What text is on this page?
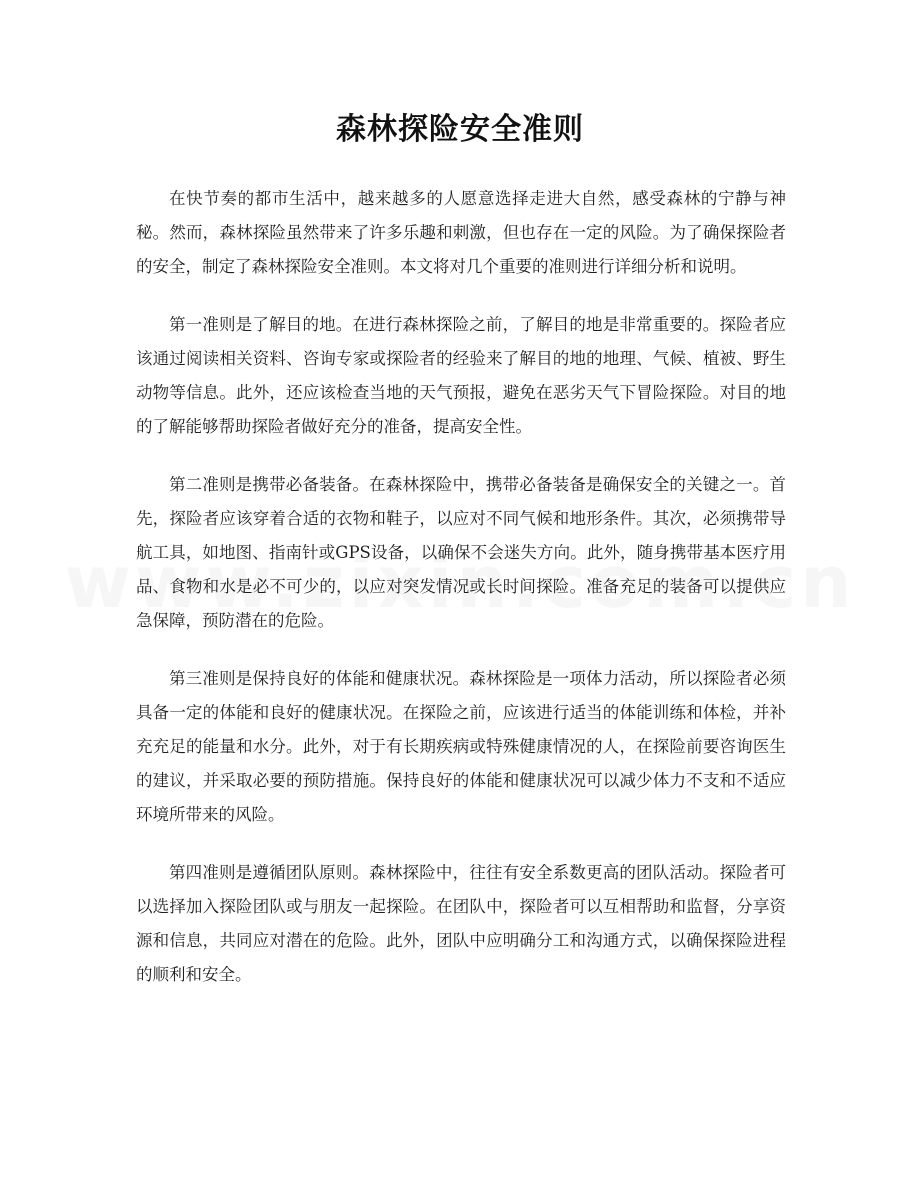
森林探险安全准则

在快节奏的都市生活中，越来越多的人愿意选择走进大自然，感受森林的宁静与神秘。然而，森林探险虽然带来了许多乐趣和刺激，但也存在一定的风险。为了确保探险者的安全，制定了森林探险安全准则。本文将对几个重要的准则进行详细分析和说明。

第一准则是了解目的地。在进行森林探险之前，了解目的地是非常重要的。探险者应该通过阅读相关资料、咨询专家或探险者的经验来了解目的地的地理、气候、植被、野生动物等信息。此外，还应该检查当地的天气预报，避免在恶劣天气下冒险探险。对目的地的了解能够帮助探险者做好充分的准备，提高安全性。

第二准则是携带必备装备。在森林探险中，携带必备装备是确保安全的关键之一。首先，探险者应该穿着合适的衣物和鞋子，以应对不同气候和地形条件。其次，必须携带导航工具，如地图、指南针或GPS设备，以确保不会迷失方向。此外，随身携带基本医疗用品、食物和水是必不可少的，以应对突发情况或长时间探险。准备充足的装备可以提供应急保障，预防潜在的危险。

第三准则是保持良好的体能和健康状况。森林探险是一项体力活动，所以探险者必须具备一定的体能和良好的健康状况。在探险之前，应该进行适当的体能训练和体检，并补充充足的能量和水分。此外，对于有长期疾病或特殊健康情况的人，在探险前要咨询医生的建议，并采取必要的预防措施。保持良好的体能和健康状况可以减少体力不支和不适应环境所带来的风险。

第四准则是遵循团队原则。森林探险中，往往有安全系数更高的团队活动。探险者可以选择加入探险团队或与朋友一起探险。在团队中，探险者可以互相帮助和监督，分享资源和信息，共同应对潜在的危险。此外，团队中应明确分工和沟通方式，以确保探险进程的顺利和安全。
